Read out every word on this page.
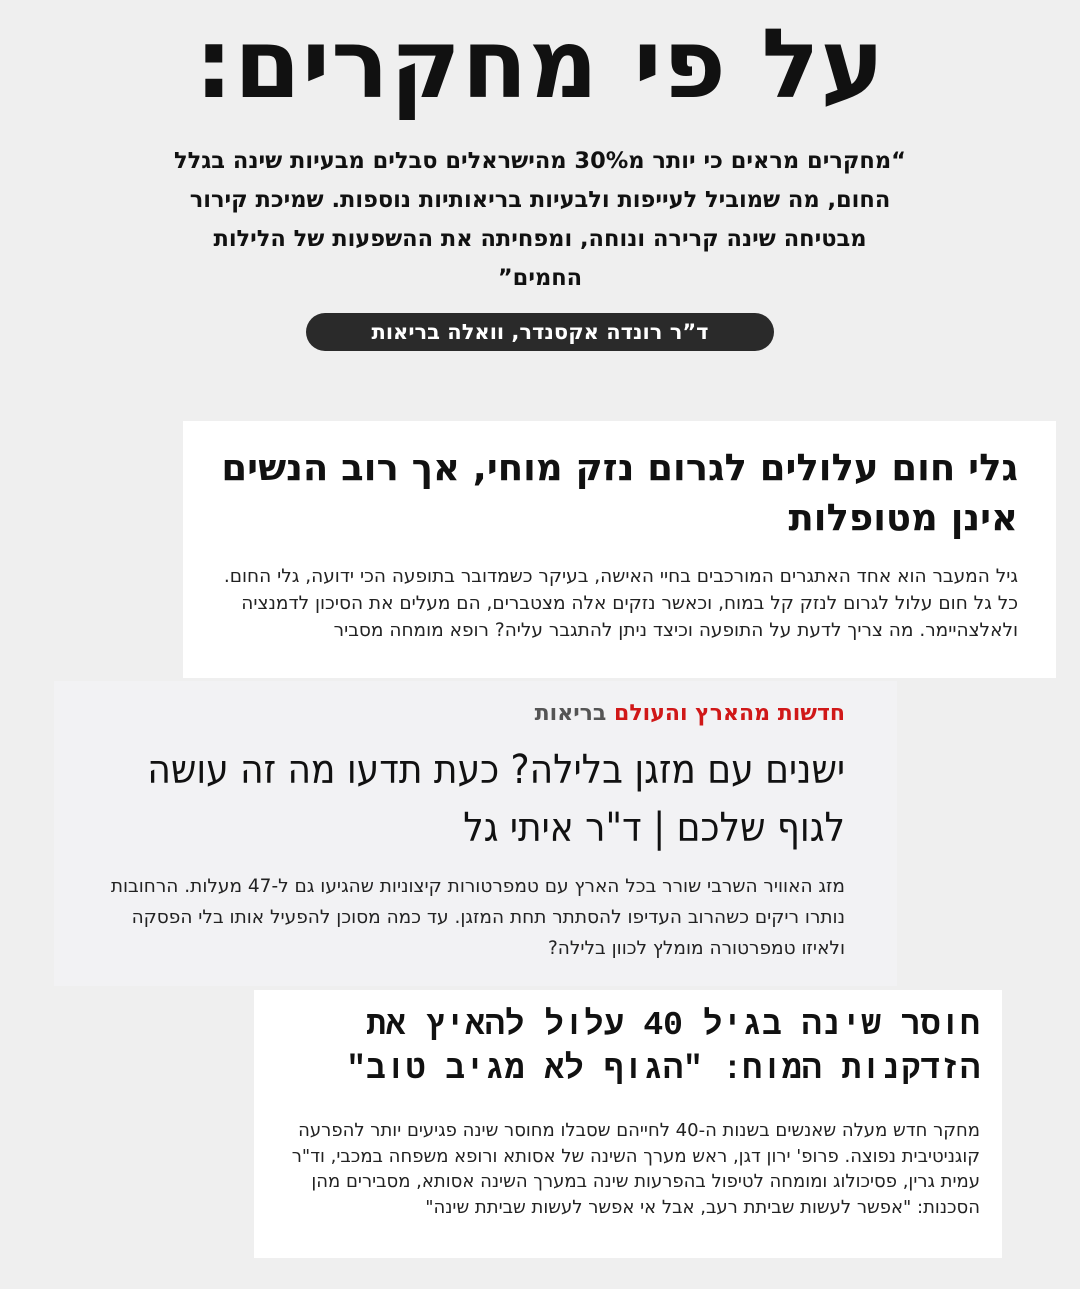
על פי מחקרים:

“מחקרים מראים כי יותר מ30% מהישראלים סבלים מבעיות שינה בגלל החום, מה שמוביל לעייפות ולבעיות בריאותיות נוספות. שמיכת קירור מבטיחה שינה קרירה ונוחה, ומפחיתה את ההשפעות של הלילות החמים”

ד”ר רונדה אקסנדר, וואלה בריאות
גלי חום עלולים לגרום נזק מוחי, אך רוב הנשים אינן מטופלות

גיל המעבר הוא אחד האתגרים המורכבים בחיי האישה, בעיקר כשמדובר בתופעה הכי ידועה, גלי החום. כל גל חום עלול לגרום לנזק קל במוח, וכאשר נזקים אלה מצטברים, הם מעלים את הסיכון לדמנציה ולאלצהיימר. מה צריך לדעת על התופעה וכיצד ניתן להתגבר עליה? רופא מומחה מסביר

חדשות מהארץ והעולם בריאות
ישנים עם מזגן בלילה? כעת תדעו מה זה עושה לגוף שלכם | ד"ר איתי גל

מזג האוויר השרבי שורר בכל הארץ עם טמפרטורות קיצוניות שהגיעו גם ל-47 מעלות. הרחובות נותרו ריקים כשהרוב העדיפו להסתתר תחת המזגן. עד כמה מסוכן להפעיל אותו בלי הפסקה ולאיזו טמפרטורה מומלץ לכוון בלילה?

חוסר שינה בגיל 40 עלול להאיץ את הזדקנות המוח: "הגוף לא מגיב טוב"

מחקר חדש מעלה שאנשים בשנות ה-40 לחייהם שסבלו מחוסר שינה פגיעים יותר להפרעה קוגניטיבית נפוצה. פרופ' ירון דגן, ראש מערך השינה של אסותא ורופא משפחה במכבי, וד"ר עמית גרין, פסיכולוג ומומחה לטיפול בהפרעות שינה במערך השינה אסותא, מסבירים מהן הסכנות: "אפשר לעשות שביתת רעב, אבל אי אפשר לעשות שביתת שינה"
